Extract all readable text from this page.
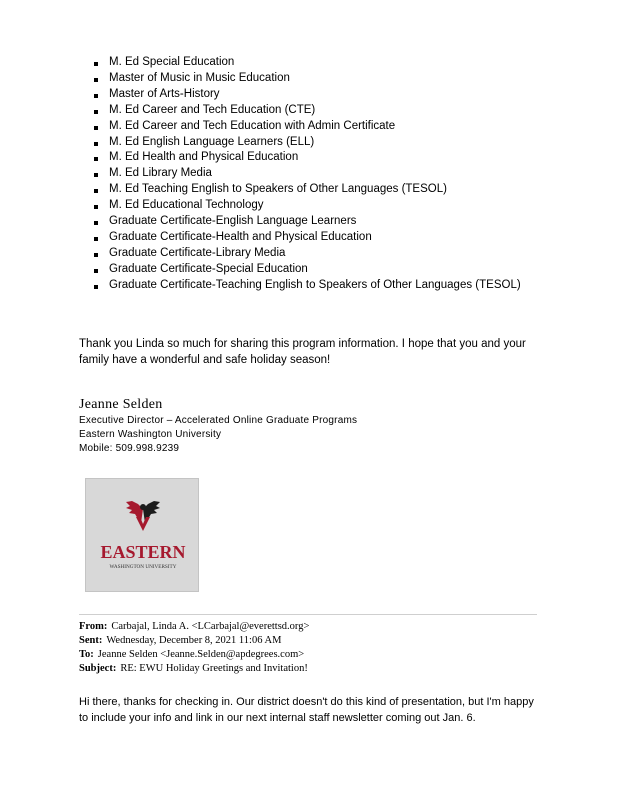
M. Ed Special Education
Master of Music in Music Education
Master of Arts-History
M. Ed Career and Tech Education (CTE)
M. Ed Career and Tech Education with Admin Certificate
M. Ed English Language Learners (ELL)
M. Ed Health and Physical Education
M. Ed Library Media
M. Ed Teaching English to Speakers of Other Languages (TESOL)
M. Ed Educational Technology
Graduate Certificate-English Language Learners
Graduate Certificate-Health and Physical Education
Graduate Certificate-Library Media
Graduate Certificate-Special Education
Graduate Certificate-Teaching English to Speakers of Other Languages (TESOL)

Thank you Linda so much for sharing this program information. I hope that you and your family have a wonderful and safe holiday season!

Jeanne Selden
Executive Director – Accelerated Online Graduate Programs
Eastern Washington University
Mobile: 509.998.9239
EASTERN
WASHINGTON UNIVERSITY
From: Carbajal, Linda A. <LCarbajal@everettsd.org>
Sent: Wednesday, December 8, 2021 11:06 AM
To: Jeanne Selden <Jeanne.Selden@apdegrees.com>
Subject: RE: EWU Holiday Greetings and Invitation!

Hi there, thanks for checking in. Our district doesn't do this kind of presentation, but I'm happy to include your info and link in our next internal staff newsletter coming out Jan. 6.
